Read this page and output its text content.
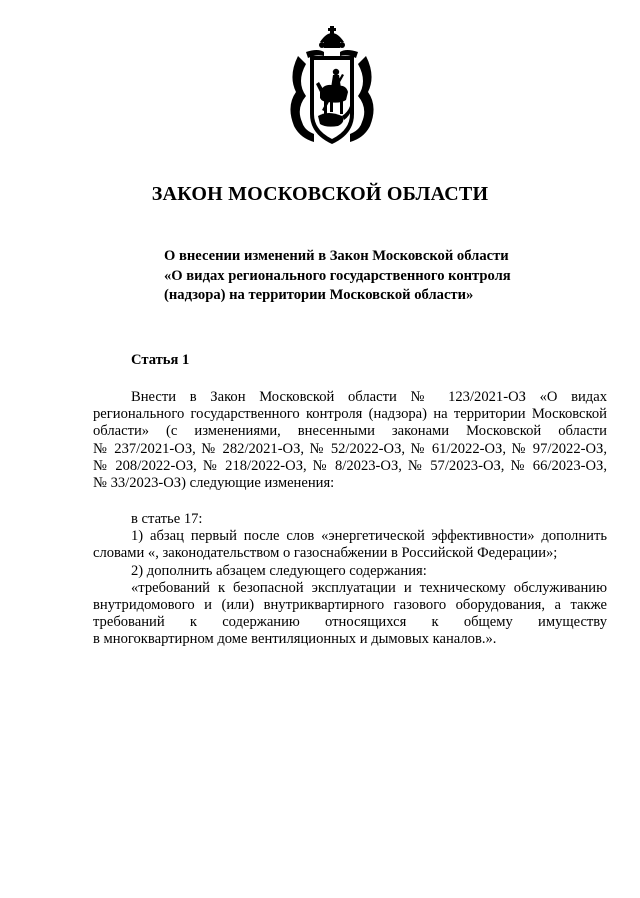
ЗАКОН МОСКОВСКОЙ ОБЛАСТИ
О внесении изменений в Закон Московской области
«О видах регионального государственного контроля
(надзора) на территории Московской области»
Статья 1

Внести в Закон Московской области № 123/2021-ОЗ «О видах

регионального государственного контроля (надзора) на территории Московской

области» (с изменениями, внесенными законами Московской области

№ 237/2021-ОЗ, № 282/2021-ОЗ, № 52/2022-ОЗ, № 61/2022-ОЗ, № 97/2022-ОЗ,

№ 208/2022-ОЗ, № 218/2022-ОЗ, № 8/2023-ОЗ, № 57/2023-ОЗ, № 66/2023-ОЗ,

№ 33/2023-ОЗ) следующие изменения:

в статье 17:

1) абзац первый после слов «энергетической эффективности» дополнить

словами «, законодательством о газоснабжении в Российской Федерации»;

2) дополнить абзацем следующего содержания:

«требований к безопасной эксплуатации и техническому обслуживанию

внутридомового и (или) внутриквартирного газового оборудования, а также

требований к содержанию относящихся к общему имуществу

в многоквартирном доме вентиляционных и дымовых каналов.».
